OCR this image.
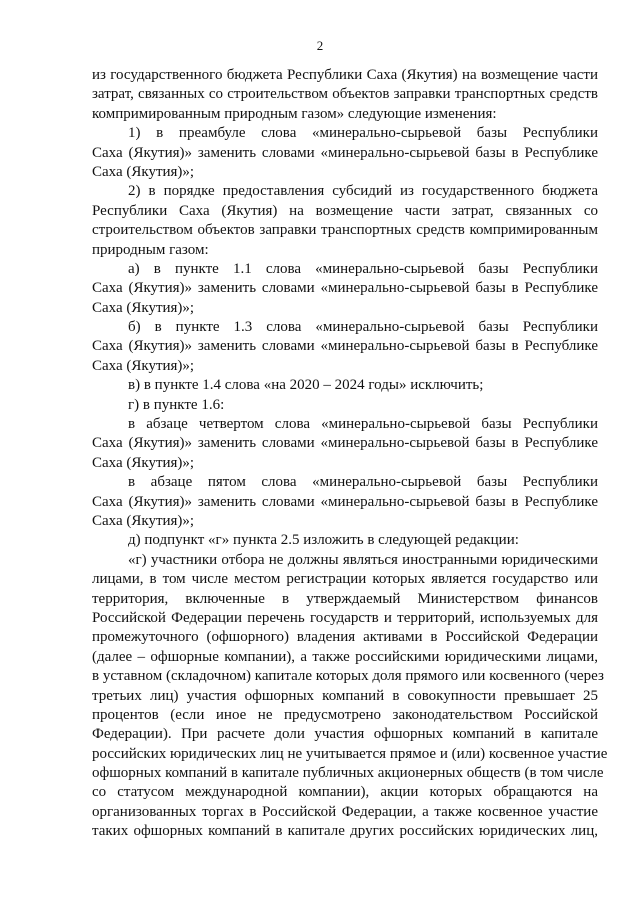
2
из государственного бюджета Республики Саха (Якутия) на возмещение части
затрат, связанных со строительством объектов заправки транспортных средств
компримированным природным газом» следующие изменения:
1) в преамбуле слова «минерально-сырьевой базы Республики
Саха (Якутия)» заменить словами «минерально-сырьевой базы в Республике
Саха (Якутия)»;
2) в порядке предоставления субсидий из государственного бюджета
Республики Саха (Якутия) на возмещение части затрат, связанных со
строительством объектов заправки транспортных средств компримированным
природным газом:
а) в пункте 1.1 слова «минерально-сырьевой базы Республики
Саха (Якутия)» заменить словами «минерально-сырьевой базы в Республике
Саха (Якутия)»;
б) в пункте 1.3 слова «минерально-сырьевой базы Республики
Саха (Якутия)» заменить словами «минерально-сырьевой базы в Республике
Саха (Якутия)»;
в) в пункте 1.4 слова «на 2020 – 2024 годы» исключить;
г) в пункте 1.6:
в абзаце четвертом слова «минерально-сырьевой базы Республики
Саха (Якутия)» заменить словами «минерально-сырьевой базы в Республике
Саха (Якутия)»;
в абзаце пятом слова «минерально-сырьевой базы Республики
Саха (Якутия)» заменить словами «минерально-сырьевой базы в Республике
Саха (Якутия)»;
д) подпункт «г» пункта 2.5 изложить в следующей редакции:
«г) участники отбора не должны являться иностранными юридическими
лицами, в том числе местом регистрации которых является государство или
территория, включенные в утверждаемый Министерством финансов
Российской Федерации перечень государств и территорий, используемых для
промежуточного (офшорного) владения активами в Российской Федерации
(далее – офшорные компании), а также российскими юридическими лицами,
в уставном (складочном) капитале которых доля прямого или косвенного (через
третьих лиц) участия офшорных компаний в совокупности превышает 25
процентов (если иное не предусмотрено законодательством Российской
Федерации). При расчете доли участия офшорных компаний в капитале
российских юридических лиц не учитывается прямое и (или) косвенное участие
офшорных компаний в капитале публичных акционерных обществ (в том числе
со статусом международной компании), акции которых обращаются на
организованных торгах в Российской Федерации, а также косвенное участие
таких офшорных компаний в капитале других российских юридических лиц,
